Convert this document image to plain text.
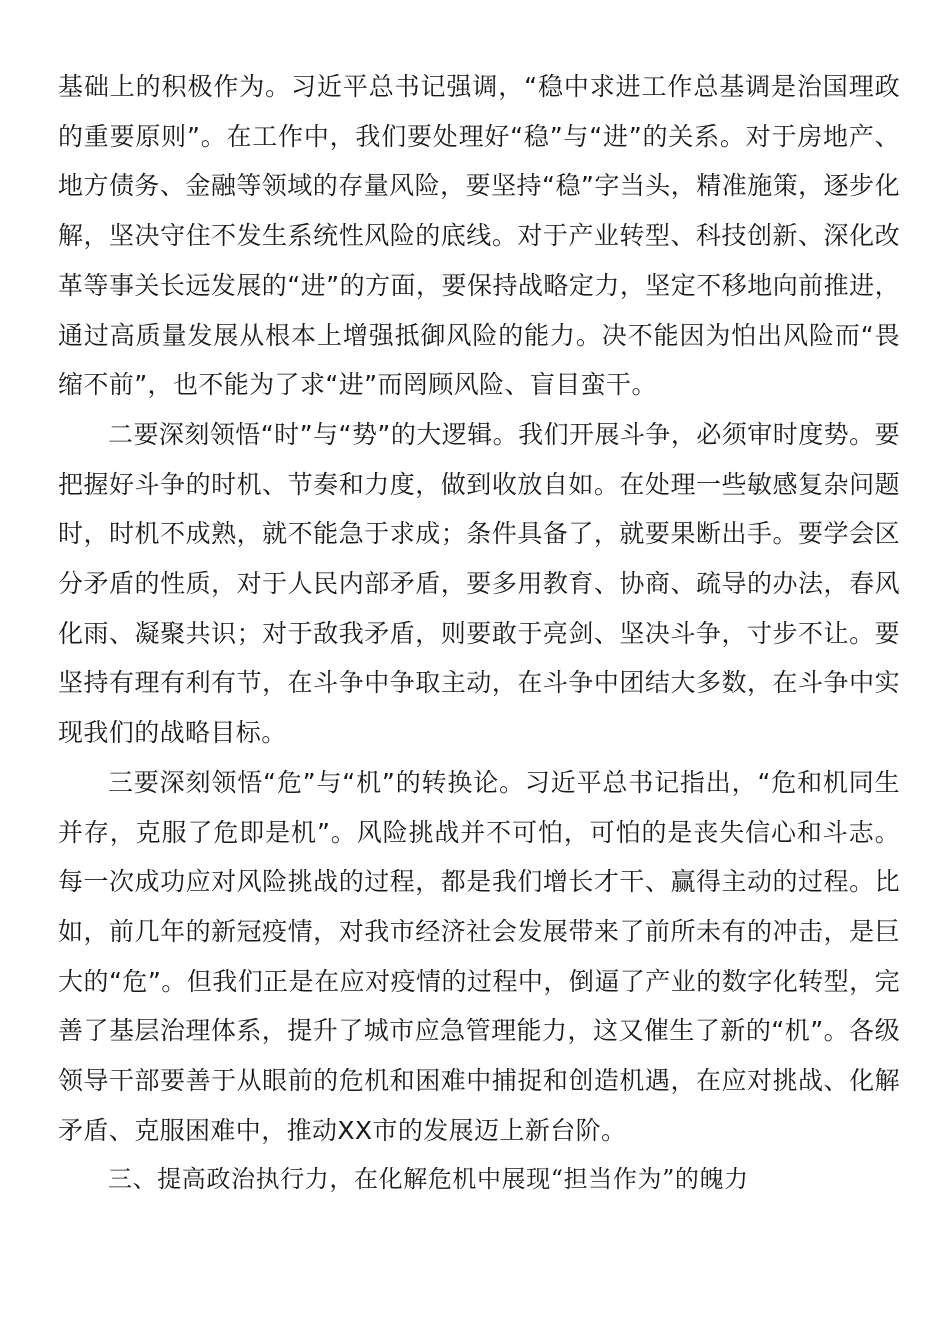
基础上的积极作为。习近平总书记强调，“稳中求进工作总基调是治国理政的重要原则”。在工作中，我们要处理好“稳”与“进”的关系。对于房地产、地方债务、金融等领域的存量风险，要坚持“稳”字当头，精准施策，逐步化解，坚决守住不发生系统性风险的底线。对于产业转型、科技创新、深化改革等事关长远发展的“进”的方面，要保持战略定力，坚定不移地向前推进，通过高质量发展从根本上增强抵御风险的能力。决不能因为怕出风险而“畏缩不前”，也不能为了求“进”而罔顾风险、盲目蛮干。

二要深刻领悟“时”与“势”的大逻辑。我们开展斗争，必须审时度势。要把握好斗争的时机、节奏和力度，做到收放自如。在处理一些敏感复杂问题时，时机不成熟，就不能急于求成；条件具备了，就要果断出手。要学会区分矛盾的性质，对于人民内部矛盾，要多用教育、协商、疏导的办法，春风化雨、凝聚共识；对于敌我矛盾，则要敢于亮剑、坚决斗争，寸步不让。要坚持有理有利有节，在斗争中争取主动，在斗争中团结大多数，在斗争中实现我们的战略目标。

三要深刻领悟“危”与“机”的转换论。习近平总书记指出，“危和机同生并存，克服了危即是机”。风险挑战并不可怕，可怕的是丧失信心和斗志。每一次成功应对风险挑战的过程，都是我们增长才干、赢得主动的过程。比如，前几年的新冠疫情，对我市经济社会发展带来了前所未有的冲击，是巨大的“危”。但我们正是在应对疫情的过程中，倒逼了产业的数字化转型，完善了基层治理体系，提升了城市应急管理能力，这又催生了新的“机”。各级领导干部要善于从眼前的危机和困难中捕捉和创造机遇，在应对挑战、化解矛盾、克服困难中，推动XX市的发展迈上新台阶。

三、提高政治执行力，在化解危机中展现“担当作为”的魄力
